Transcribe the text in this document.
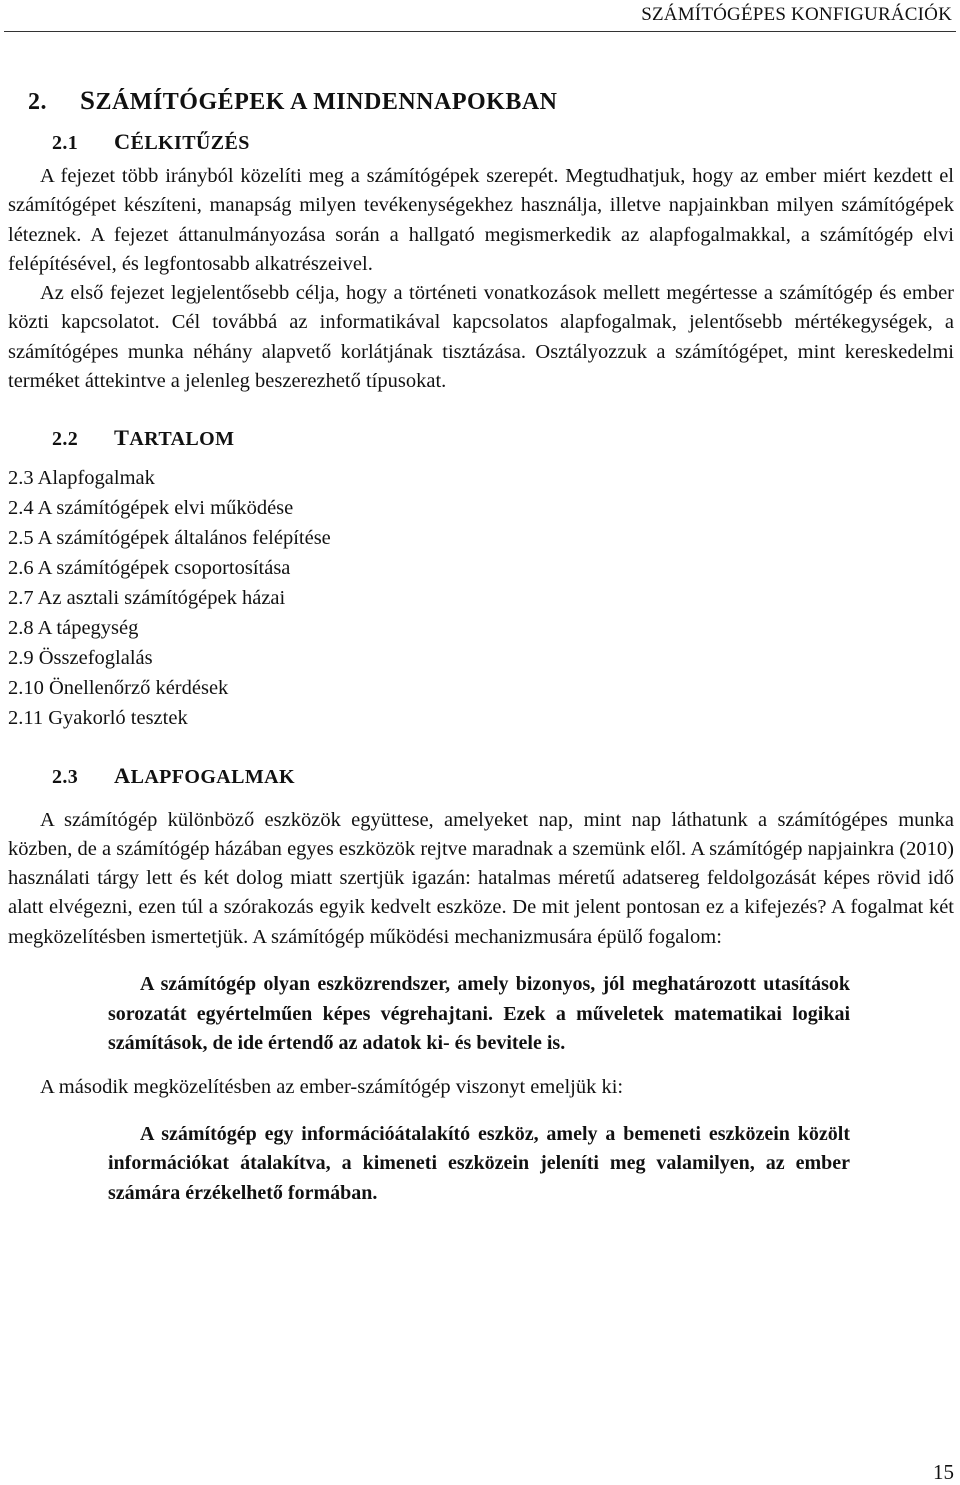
SZÁMÍTÓGÉPES KONFIGURÁCIÓK
2. SZÁMÍTÓGÉPEK A MINDENNAPOKBAN
2.1 CÉLKITŰZÉS

A fejezet több irányból közelíti meg a számítógépek szerepét. Megtudhatjuk, hogy az ember miért kezdett el számítógépet készíteni, manapság milyen tevékenységekhez használja, illetve napjainkban milyen számítógépek léteznek. A fejezet áttanulmányozása során a hallgató megismerkedik az alapfogalmakkal, a számítógép elvi felépítésével, és legfontosabb alkatrészeivel.

Az első fejezet legjelentősebb célja, hogy a történeti vonatkozások mellett megértesse a számítógép és ember közti kapcsolatot. Cél továbbá az informatikával kapcsolatos alapfogalmak, jelentősebb mértékegységek, a számítógépes munka néhány alapvető korlátjának tisztázása. Osztályozzuk a számítógépet, mint kereskedelmi terméket áttekintve a jelenleg beszerezhető típusokat.

2.2 TARTALOM
2.3 Alapfogalmak
2.4 A számítógépek elvi működése
2.5 A számítógépek általános felépítése
2.6 A számítógépek csoportosítása
2.7 Az asztali számítógépek házai
2.8 A tápegység
2.9 Összefoglalás
2.10 Önellenőrző kérdések
2.11 Gyakorló tesztek
2.3 ALAPFOGALMAK

A számítógép különböző eszközök együttese, amelyeket nap, mint nap láthatunk a számítógépes munka közben, de a számítógép házában egyes eszközök rejtve maradnak a szemünk elől. A számítógép napjainkra (2010) használati tárgy lett és két dolog miatt szertjük igazán: hatalmas méretű adatsereg feldolgozását képes rövid idő alatt elvégezni, ezen túl a szórakozás egyik kedvelt eszköze. De mit jelent pontosan ez a kifejezés? A fogalmat két megközelítésben ismertetjük. A számítógép működési mechanizmusára épülő fogalom:

A számítógép olyan eszközrendszer, amely bizonyos, jól meghatározott utasítások sorozatát egyértelműen képes végrehajtani. Ezek a műveletek matematikai logikai számítások, de ide értendő az adatok ki- és bevitele is.

A második megközelítésben az ember-számítógép viszonyt emeljük ki:

A számítógép egy információátalakító eszköz, amely a bemeneti eszközein közölt információkat átalakítva, a kimeneti eszközein jeleníti meg valamilyen, az ember számára érzékelhető formában.

15
